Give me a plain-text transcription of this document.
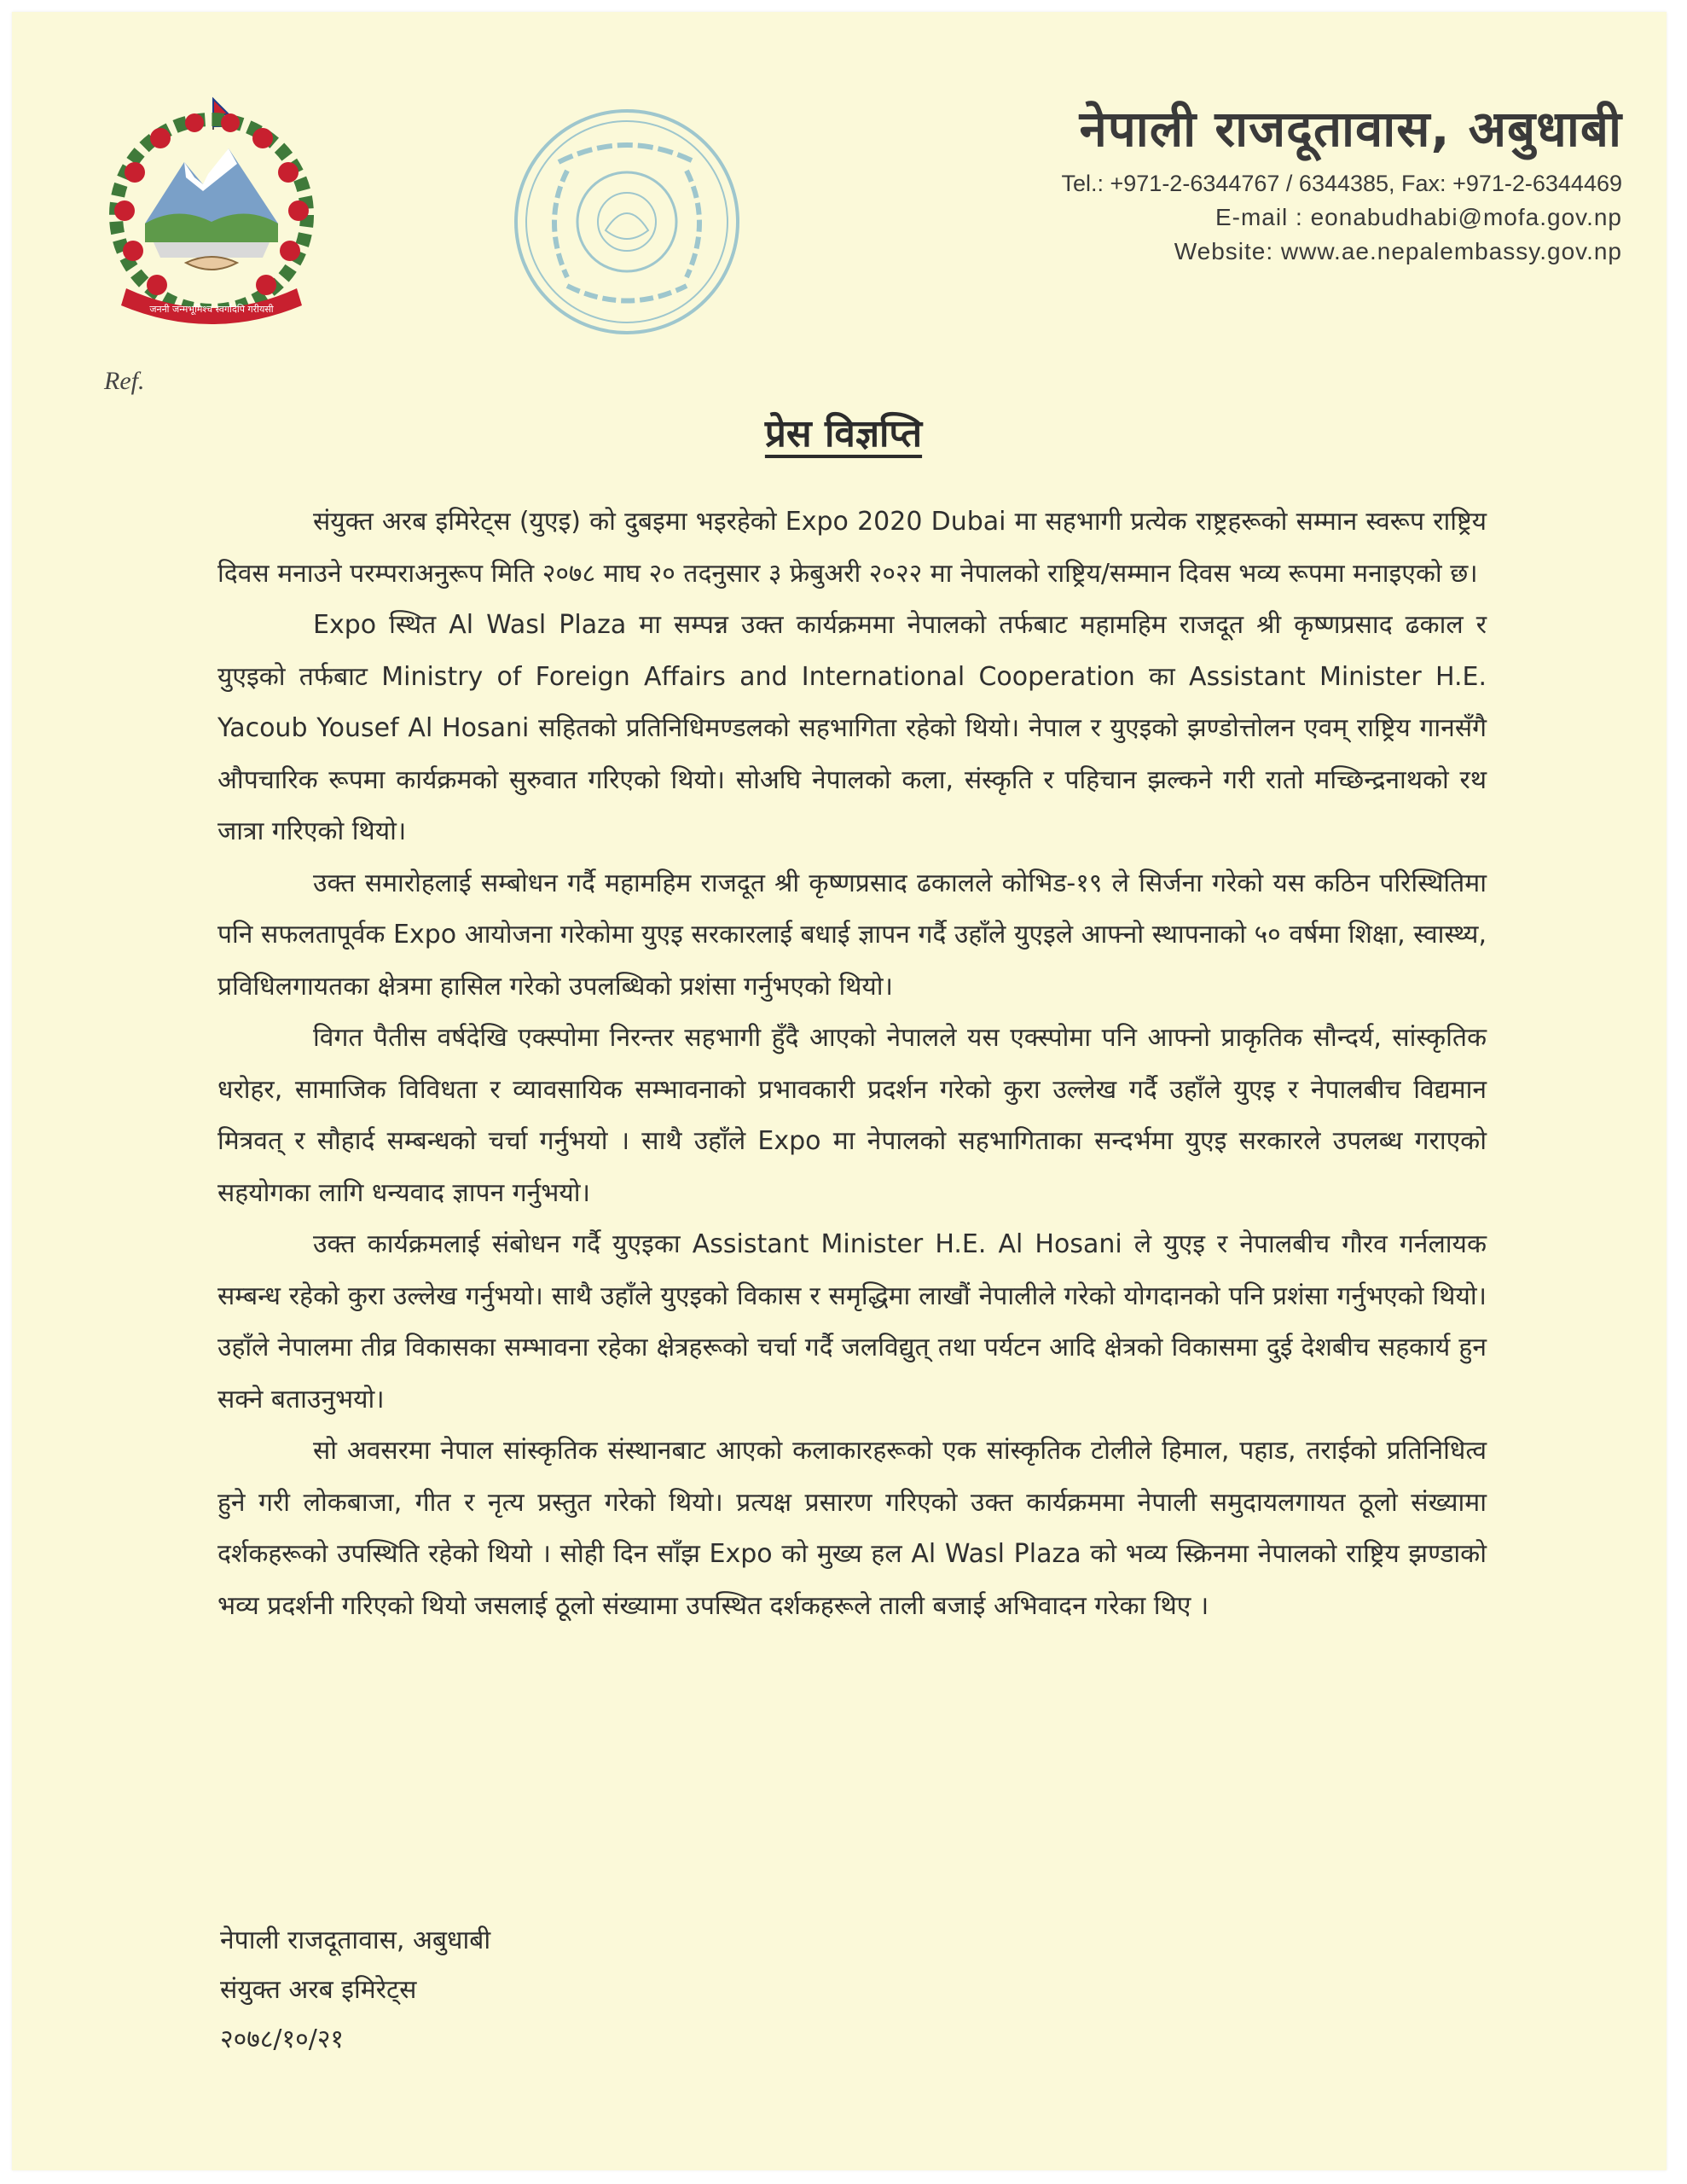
जननी जन्मभूमिश्च स्वर्गादपि गरीयसी
नेपाली राजदूतावास, अबुधाबी
Tel.: +971-2-6344767 / 6344385, Fax: +971-2-6344469
E-mail : eonabudhabi@mofa.gov.np
Website: www.ae.nepalembassy.gov.np
Ref.
प्रेस विज्ञप्ति

संयुक्त अरब इमिरेट्स (युएइ) को दुबइमा भइरहेको Expo 2020 Dubai मा सहभागी प्रत्येक राष्ट्रहरूको सम्मान स्वरूप राष्ट्रिय दिवस मनाउने परम्पराअनुरूप मिति २०७८ माघ २० तदनुसार ३ फ्रेबुअरी २०२२ मा नेपालको राष्ट्रिय/सम्मान दिवस भव्य रूपमा मनाइएको छ।

Expo स्थित Al Wasl Plaza मा सम्पन्न उक्त कार्यक्रममा नेपालको तर्फबाट महामहिम राजदूत श्री कृष्णप्रसाद ढकाल र युएइको तर्फबाट Ministry of Foreign Affairs and International Cooperation का Assistant Minister H.E. Yacoub Yousef Al Hosani सहितको प्रतिनिधिमण्डलको सहभागिता रहेको थियो। नेपाल र युएइको झण्डोत्तोलन एवम् राष्ट्रिय गानसँगै औपचारिक रूपमा कार्यक्रमको सुरुवात गरिएको थियो। सोअघि नेपालको कला, संस्कृति र पहिचान झल्कने गरी रातो मच्छिन्द्रनाथको रथ जात्रा गरिएको थियो।

उक्त समारोहलाई सम्बोधन गर्दै महामहिम राजदूत श्री कृष्णप्रसाद ढकालले कोभिड-१९ ले सिर्जना गरेको यस कठिन परिस्थितिमा पनि सफलतापूर्वक Expo आयोजना गरेकोमा युएइ सरकारलाई बधाई ज्ञापन गर्दै उहाँले युएइले आफ्नो स्थापनाको ५० वर्षमा शिक्षा, स्वास्थ्य, प्रविधिलगायतका क्षेत्रमा हासिल गरेको उपलब्धिको प्रशंसा गर्नुभएको थियो।

विगत पैतीस वर्षदेखि एक्स्पोमा निरन्तर सहभागी हुँदै आएको नेपालले यस एक्स्पोमा पनि आफ्नो प्राकृतिक सौन्दर्य, सांस्कृतिक धरोहर, सामाजिक विविधता र व्यावसायिक सम्भावनाको प्रभावकारी प्रदर्शन गरेको कुरा उल्लेख गर्दै उहाँले युएइ र नेपालबीच विद्यमान मित्रवत् र सौहार्द सम्बन्धको चर्चा गर्नुभयो । साथै उहाँले Expo मा नेपालको सहभागिताका सन्दर्भमा युएइ सरकारले उपलब्ध गराएको सहयोगका लागि धन्यवाद ज्ञापन गर्नुभयो।

उक्त कार्यक्रमलाई संबोधन गर्दै युएइका Assistant Minister H.E. Al Hosani ले युएइ र नेपालबीच गौरव गर्नलायक सम्बन्ध रहेको कुरा उल्लेख गर्नुभयो। साथै उहाँले युएइको विकास र समृद्धिमा लाखौं नेपालीले गरेको योगदानको पनि प्रशंसा गर्नुभएको थियो। उहाँले नेपालमा तीव्र विकासका सम्भावना रहेका क्षेत्रहरूको चर्चा गर्दै जलविद्युत् तथा पर्यटन आदि क्षेत्रको विकासमा दुई देशबीच सहकार्य हुन सक्ने बताउनुभयो।

सो अवसरमा नेपाल सांस्कृतिक संस्थानबाट आएको कलाकारहरूको एक सांस्कृतिक टोलीले हिमाल, पहाड, तराईको प्रतिनिधित्व हुने गरी लोकबाजा, गीत र नृत्य प्रस्तुत गरेको थियो। प्रत्यक्ष प्रसारण गरिएको उक्त कार्यक्रममा नेपाली समुदायलगायत ठूलो संख्यामा दर्शकहरूको उपस्थिति रहेको थियो । सोही दिन साँझ Expo को मुख्य हल Al Wasl Plaza को भव्य स्क्रिनमा नेपालको राष्ट्रिय झण्डाको भव्य प्रदर्शनी गरिएको थियो जसलाई ठूलो संख्यामा उपस्थित दर्शकहरूले ताली बजाई अभिवादन गरेका थिए ।

नेपाली राजदूतावास, अबुधाबी
संयुक्त अरब इमिरेट्स
२०७८/१०/२१
